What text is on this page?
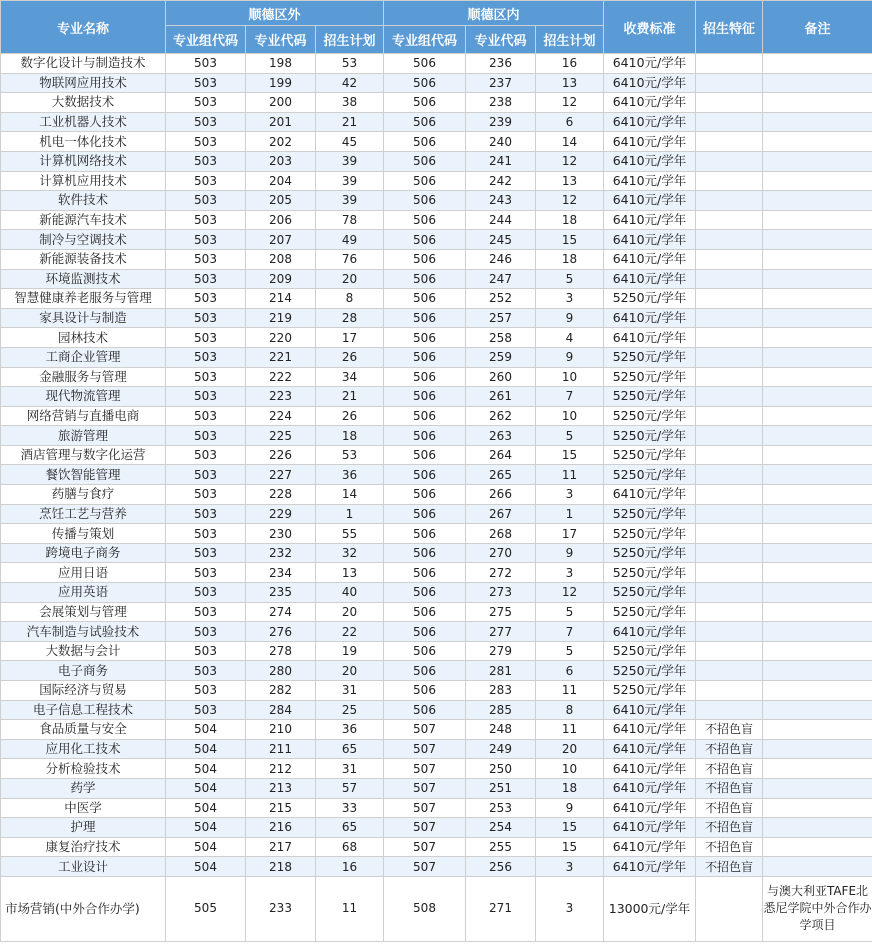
专业名称	顺德区外			顺德区内			收费标准	招生特征	备注
	专业组代码	专业代码	招生计划	专业组代码	专业代码	招生计划			
数字化设计与制造技术	503	198	53	506	236	16	6410元/学年		
物联网应用技术	503	199	42	506	237	13	6410元/学年		
大数据技术	503	200	38	506	238	12	6410元/学年		
工业机器人技术	503	201	21	506	239	6	6410元/学年		
机电一体化技术	503	202	45	506	240	14	6410元/学年		
计算机网络技术	503	203	39	506	241	12	6410元/学年		
计算机应用技术	503	204	39	506	242	13	6410元/学年		
软件技术	503	205	39	506	243	12	6410元/学年		
新能源汽车技术	503	206	78	506	244	18	6410元/学年		
制冷与空调技术	503	207	49	506	245	15	6410元/学年		
新能源装备技术	503	208	76	506	246	18	6410元/学年		
环境监测技术	503	209	20	506	247	5	6410元/学年		
智慧健康养老服务与管理	503	214	8	506	252	3	5250元/学年		
家具设计与制造	503	219	28	506	257	9	6410元/学年		
园林技术	503	220	17	506	258	4	6410元/学年		
工商企业管理	503	221	26	506	259	9	5250元/学年		
金融服务与管理	503	222	34	506	260	10	5250元/学年		
现代物流管理	503	223	21	506	261	7	5250元/学年		
网络营销与直播电商	503	224	26	506	262	10	5250元/学年		
旅游管理	503	225	18	506	263	5	5250元/学年		
酒店管理与数字化运营	503	226	53	506	264	15	5250元/学年		
餐饮智能管理	503	227	36	506	265	11	5250元/学年		
药膳与食疗	503	228	14	506	266	3	6410元/学年		
烹饪工艺与营养	503	229	1	506	267	1	5250元/学年		
传播与策划	503	230	55	506	268	17	5250元/学年		
跨境电子商务	503	232	32	506	270	9	5250元/学年		
应用日语	503	234	13	506	272	3	5250元/学年		
应用英语	503	235	40	506	273	12	5250元/学年		
会展策划与管理	503	274	20	506	275	5	5250元/学年		
汽车制造与试验技术	503	276	22	506	277	7	6410元/学年		
大数据与会计	503	278	19	506	279	5	5250元/学年		
电子商务	503	280	20	506	281	6	5250元/学年		
国际经济与贸易	503	282	31	506	283	11	5250元/学年		
电子信息工程技术	503	284	25	506	285	8	6410元/学年		
食品质量与安全	504	210	36	507	248	11	6410元/学年	不招色盲	
应用化工技术	504	211	65	507	249	20	6410元/学年	不招色盲	
分析检验技术	504	212	31	507	250	10	6410元/学年	不招色盲	
药学	504	213	57	507	251	18	6410元/学年	不招色盲	
中医学	504	215	33	507	253	9	6410元/学年	不招色盲	
护理	504	216	65	507	254	15	6410元/学年	不招色盲	
康复治疗技术	504	217	68	507	255	15	6410元/学年	不招色盲	
工业设计	504	218	16	507	256	3	6410元/学年	不招色盲	
市场营销(中外合作办学)	505	233	11	508	271	3	13000元/学年		与澳大利亚TAFE北悉尼学院中外合作办学项目
